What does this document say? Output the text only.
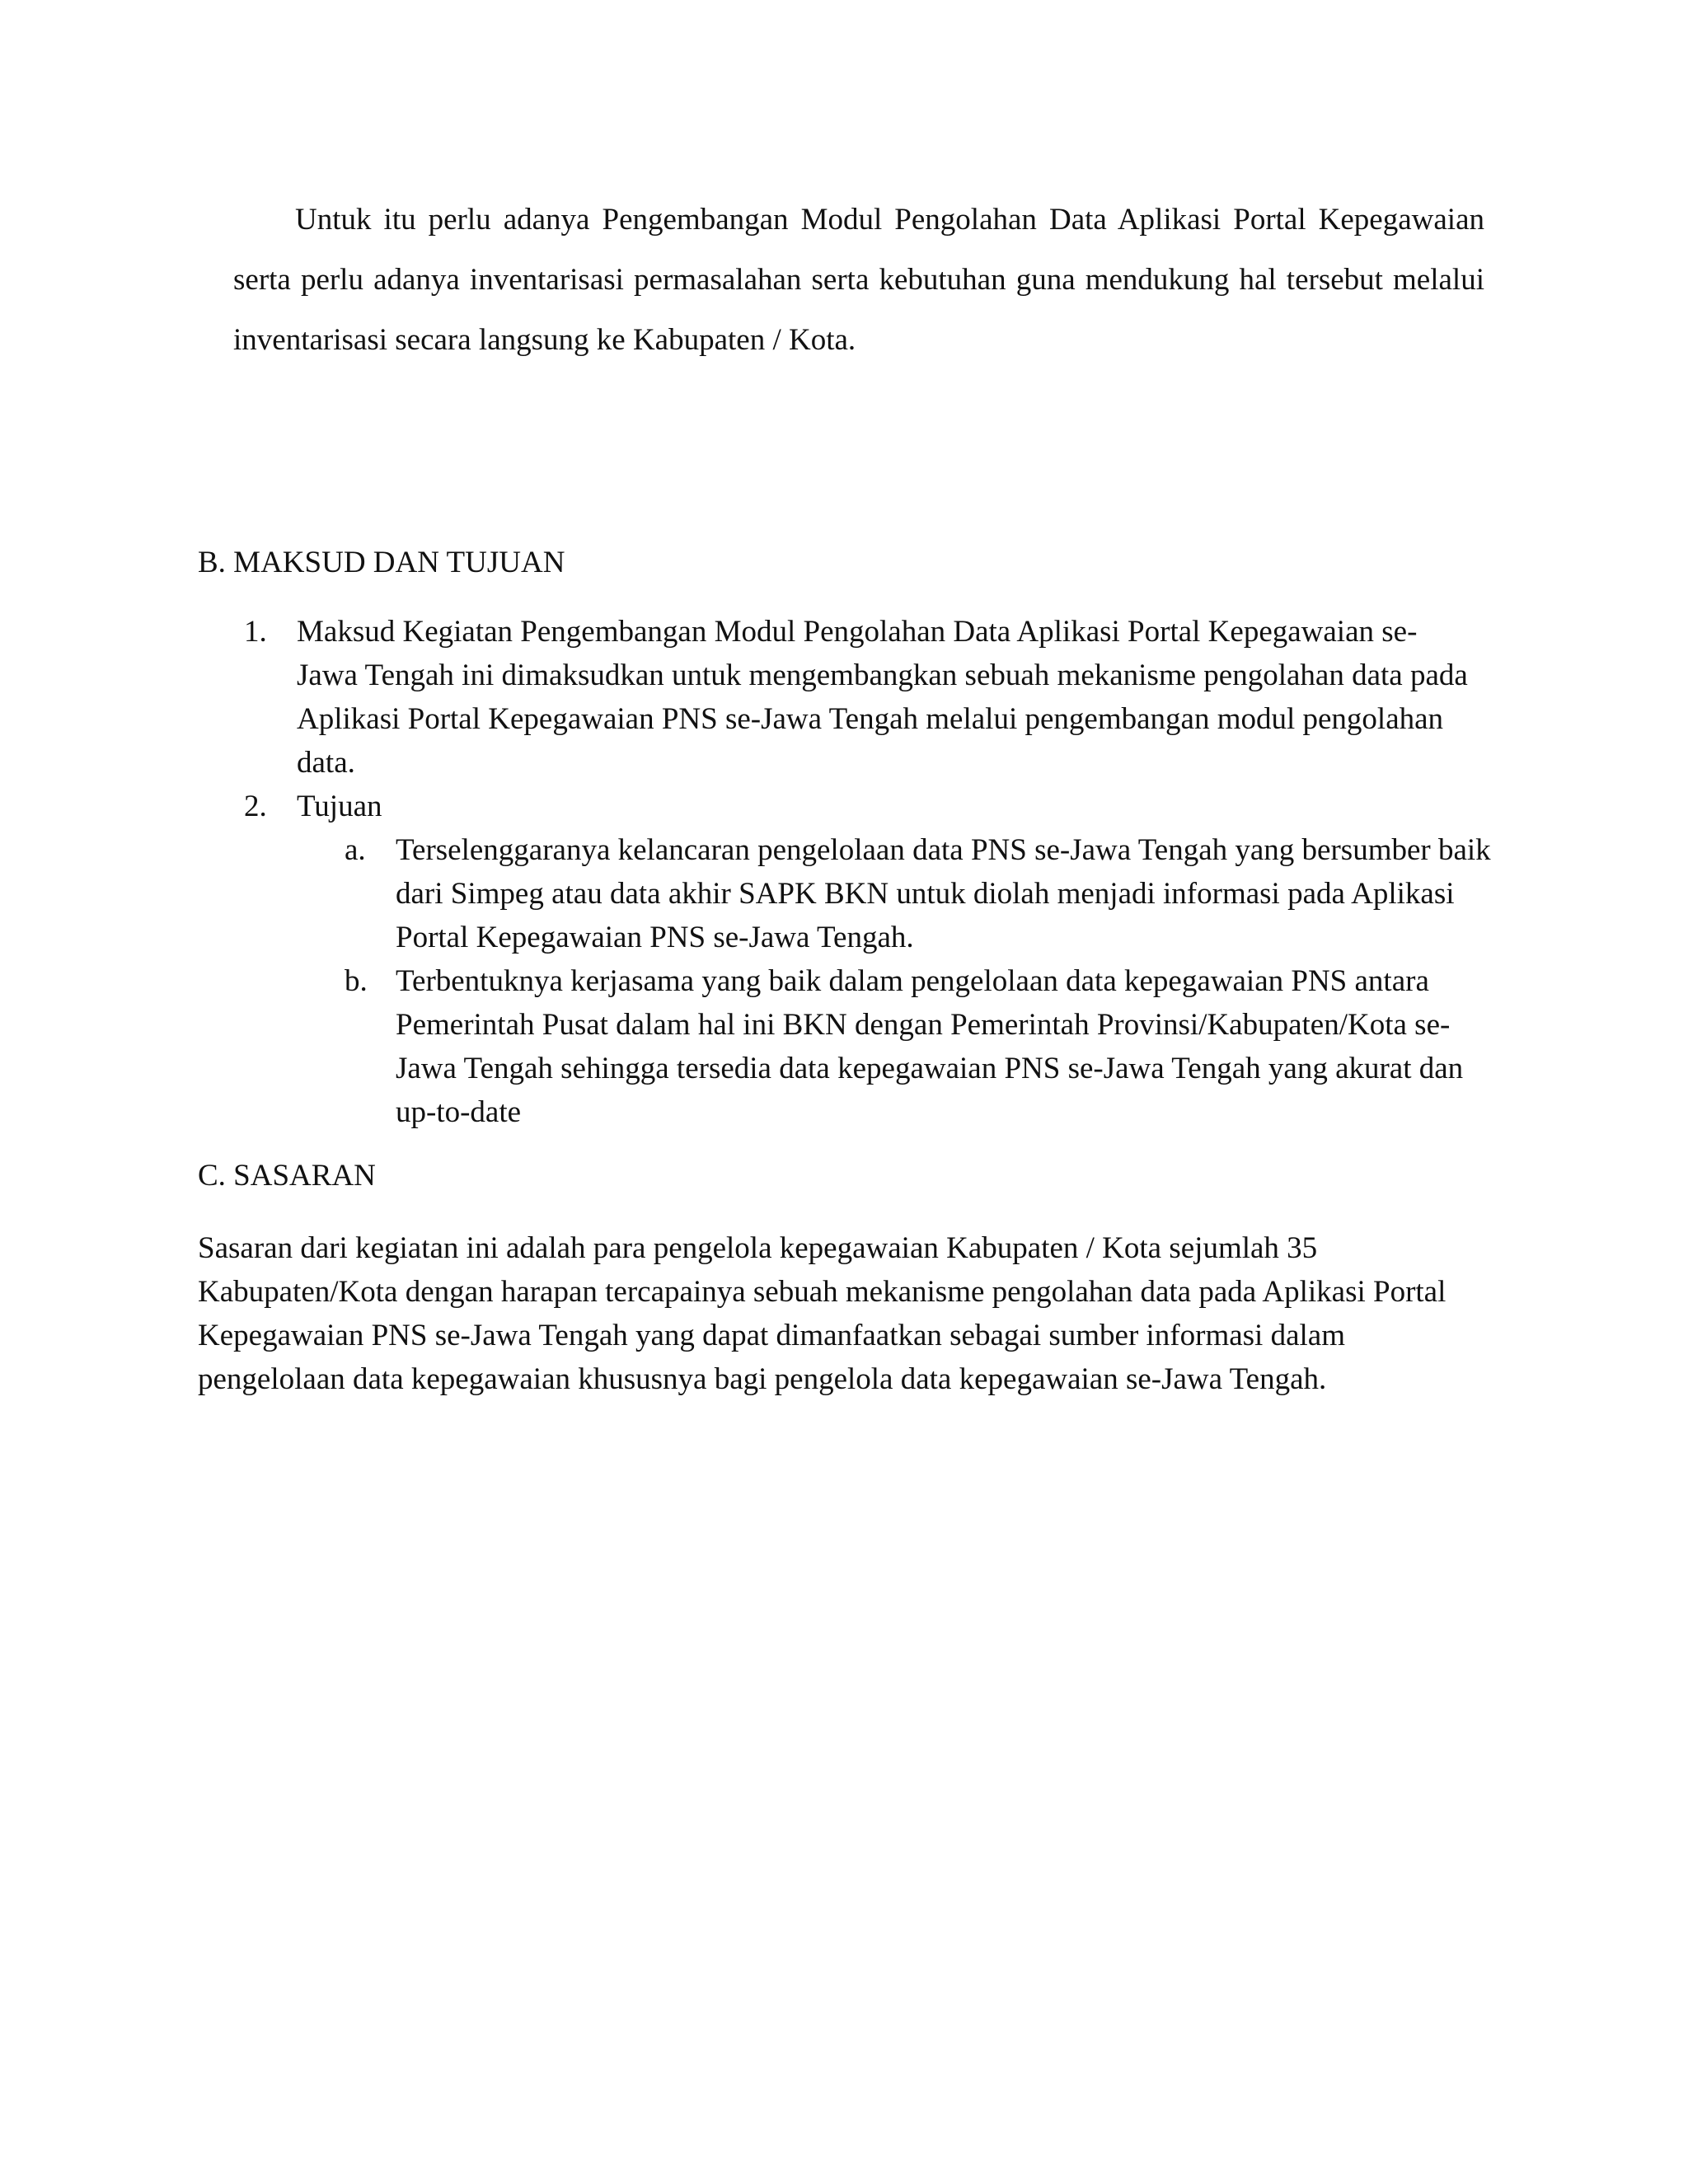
Untuk itu perlu adanya Pengembangan Modul Pengolahan Data Aplikasi Portal Kepegawaian serta perlu adanya inventarisasi permasalahan serta kebutuhan guna mendukung hal tersebut melalui inventarisasi secara langsung ke Kabupaten / Kota.

B. MAKSUD DAN TUJUAN
1. Maksud Kegiatan Pengembangan Modul Pengolahan Data Aplikasi Portal Kepegawaian se-Jawa Tengah ini dimaksudkan untuk mengembangkan sebuah mekanisme pengolahan data pada Aplikasi Portal Kepegawaian PNS se-Jawa Tengah melalui pengembangan modul pengolahan data.
2. Tujuan
a. Terselenggaranya kelancaran pengelolaan data PNS se-Jawa Tengah yang bersumber baik dari Simpeg atau data akhir SAPK BKN untuk diolah menjadi informasi pada Aplikasi Portal Kepegawaian PNS se-Jawa Tengah.
b. Terbentuknya kerjasama yang baik dalam pengelolaan data kepegawaian PNS antara Pemerintah Pusat dalam hal ini BKN dengan Pemerintah Provinsi/Kabupaten/Kota se-Jawa Tengah sehingga tersedia data kepegawaian PNS se-Jawa Tengah yang akurat dan up-to-date
C. SASARAN

Sasaran dari kegiatan ini adalah para pengelola kepegawaian Kabupaten / Kota sejumlah 35 Kabupaten/Kota dengan harapan tercapainya sebuah mekanisme pengolahan data pada Aplikasi Portal Kepegawaian PNS se-Jawa Tengah yang dapat dimanfaatkan sebagai sumber informasi dalam pengelolaan data kepegawaian khususnya bagi pengelola data kepegawaian se-Jawa Tengah.
